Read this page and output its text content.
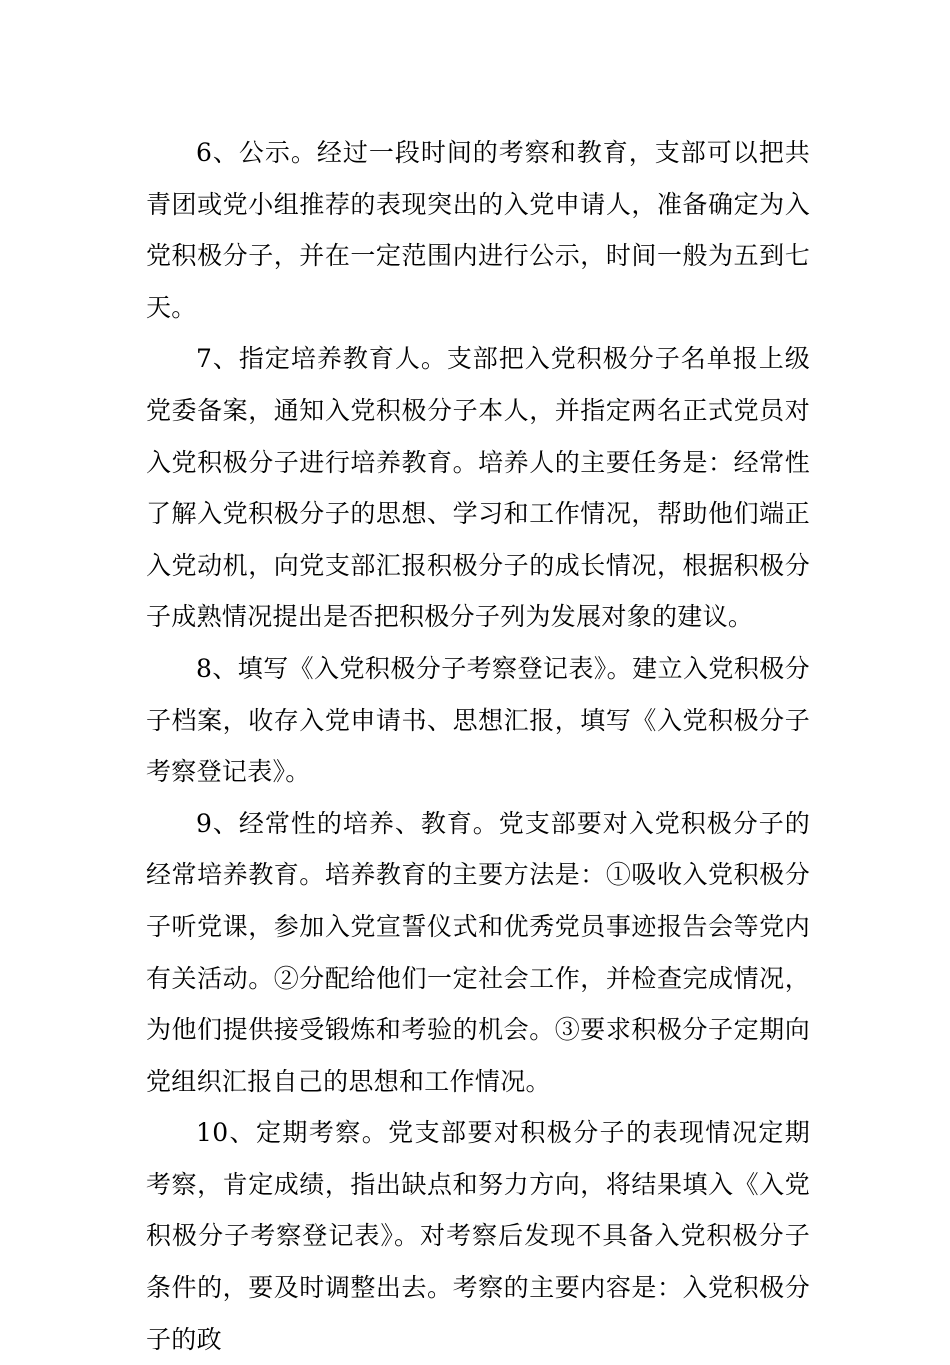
6、公示。经过一段时间的考察和教育，支部可以把共青团或党小组推荐的表现突出的入党申请人，准备确定为入党积极分子，并在一定范围内进行公示，时间一般为五到七天。

7、指定培养教育人。支部把入党积极分子名单报上级党委备案，通知入党积极分子本人，并指定两名正式党员对入党积极分子进行培养教育。培养人的主要任务是：经常性了解入党积极分子的思想、学习和工作情况，帮助他们端正入党动机，向党支部汇报积极分子的成长情况，根据积极分子成熟情况提出是否把积极分子列为发展对象的建议。

8、填写《入党积极分子考察登记表》。建立入党积极分子档案，收存入党申请书、思想汇报，填写《入党积极分子考察登记表》。

9、经常性的培养、教育。党支部要对入党积极分子的经常培养教育。培养教育的主要方法是：①吸收入党积极分子听党课，参加入党宣誓仪式和优秀党员事迹报告会等党内有关活动。②分配给他们一定社会工作，并检查完成情况，为他们提供接受锻炼和考验的机会。③要求积极分子定期向党组织汇报自己的思想和工作情况。

10、定期考察。党支部要对积极分子的表现情况定期考察，肯定成绩，指出缺点和努力方向，将结果填入《入党积极分子考察登记表》。对考察后发现不具备入党积极分子条件的，要及时调整出去。考察的主要内容是：入党积极分子的政
